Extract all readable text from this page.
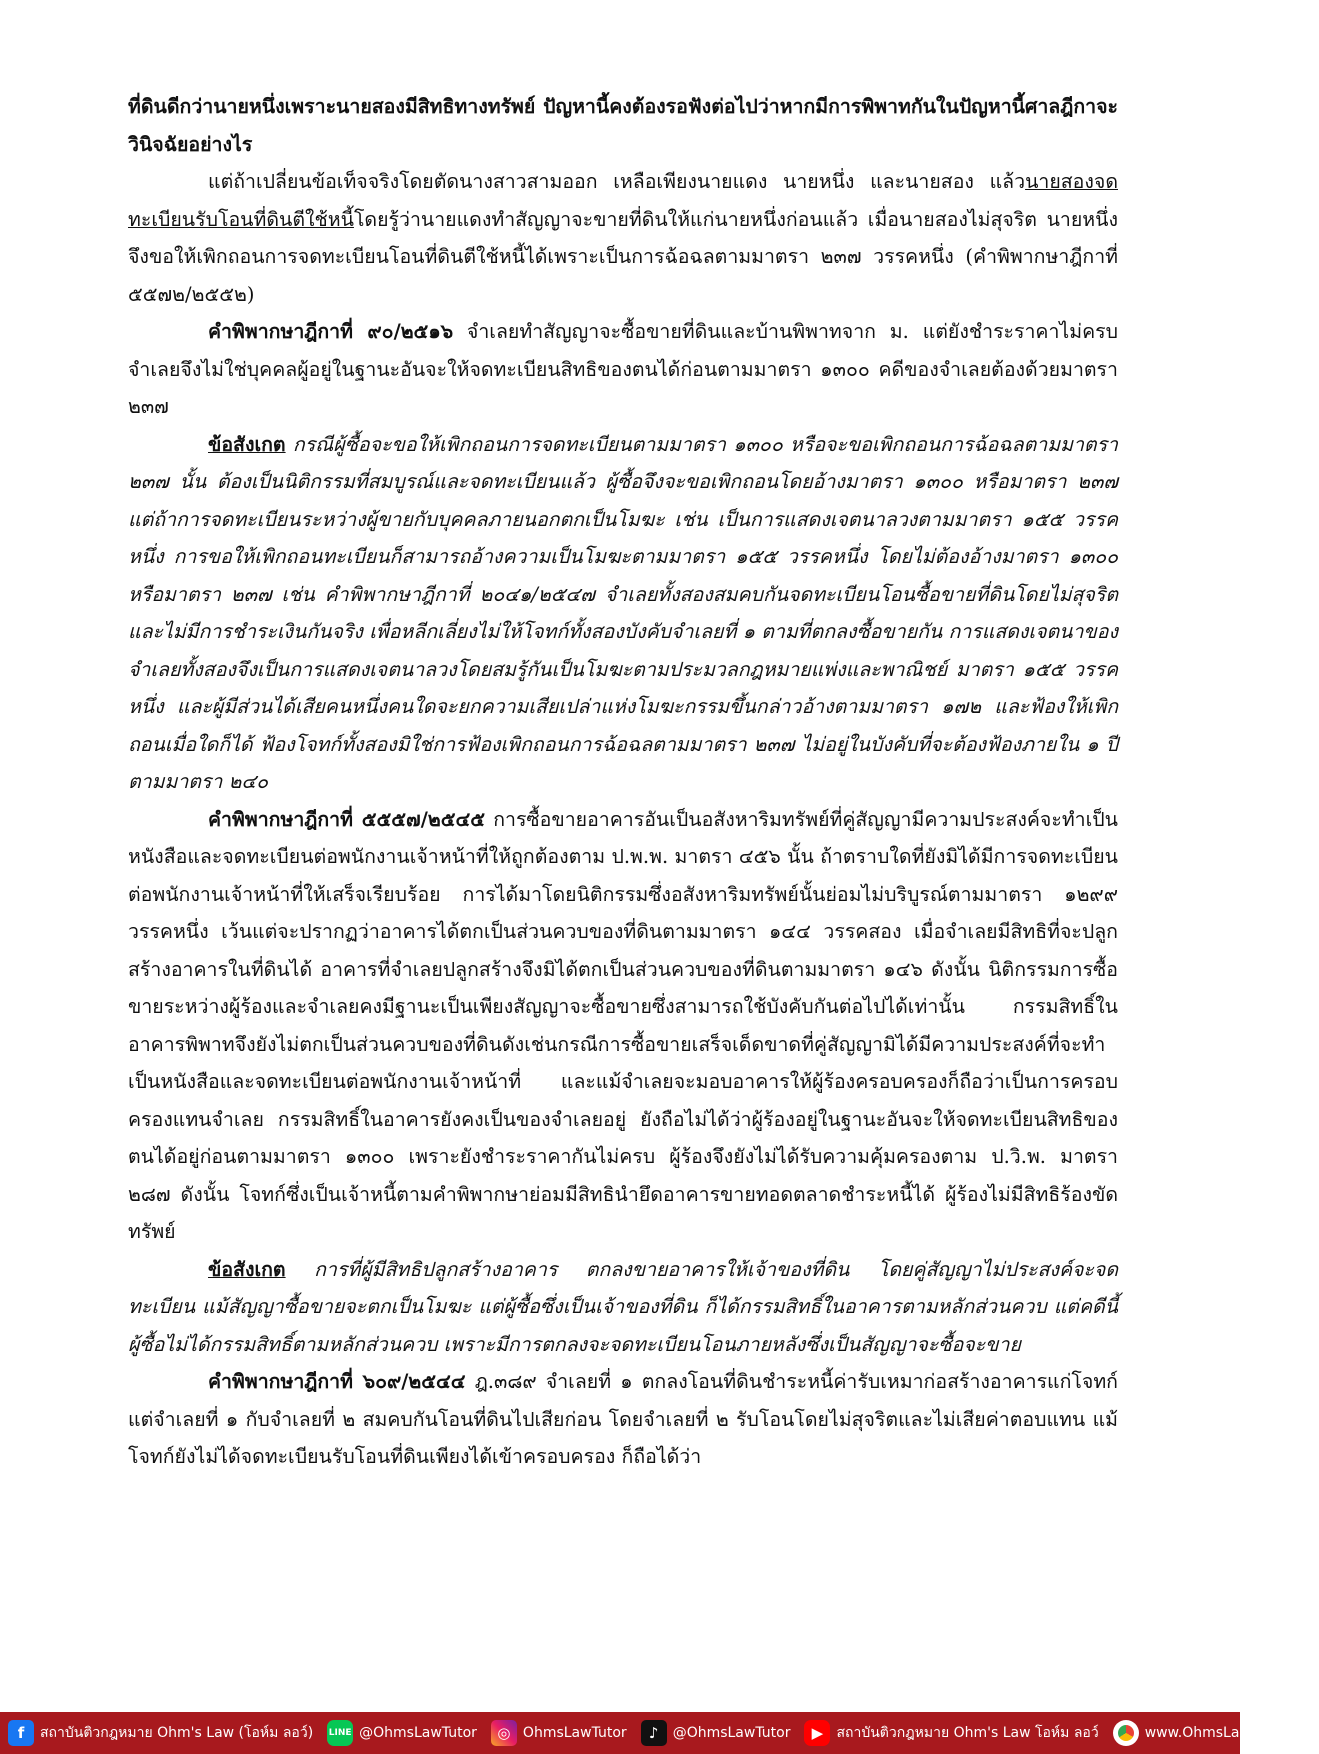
ที่ดินดีกว่านายหนึ่งเพราะนายสองมีสิทธิทางทรัพย์ ปัญหานี้คงต้องรอฟังต่อไปว่าหากมีการพิพาทกันในปัญหานี้ศาลฎีกาจะวินิจฉัยอย่างไร

แต่ถ้าเปลี่ยนข้อเท็จจริงโดยตัดนางสาวสามออก เหลือเพียงนายแดง นายหนึ่ง และนายสอง แล้วนายสองจดทะเบียนรับโอนที่ดินตีใช้หนี้โดยรู้ว่านายแดงทำสัญญาจะขายที่ดินให้แก่นายหนึ่งก่อนแล้ว เมื่อนายสองไม่สุจริต นายหนึ่งจึงขอให้เพิกถอนการจดทะเบียนโอนที่ดินตีใช้หนี้ได้เพราะเป็นการฉ้อฉลตามมาตรา ๒๓๗ วรรคหนึ่ง (คำพิพากษาฎีกาที่ ๕๕๗๒/๒๕๕๒)

คำพิพากษาฎีกาที่ ๙๐/๒๕๑๖ จำเลยทำสัญญาจะซื้อขายที่ดินและบ้านพิพาทจาก ม. แต่ยังชำระราคาไม่ครบ จำเลยจึงไม่ใช่บุคคลผู้อยู่ในฐานะอันจะให้จดทะเบียนสิทธิของตนได้ก่อนตามมาตรา ๑๓๐๐ คดีของจำเลยต้องด้วยมาตรา ๒๓๗

ข้อสังเกต กรณีผู้ซื้อจะขอให้เพิกถอนการจดทะเบียนตามมาตรา ๑๓๐๐ หรือจะขอเพิกถอนการฉ้อฉลตามมาตรา ๒๓๗ นั้น ต้องเป็นนิติกรรมที่สมบูรณ์และจดทะเบียนแล้ว ผู้ซื้อจึงจะขอเพิกถอนโดยอ้างมาตรา ๑๓๐๐ หรือมาตรา ๒๓๗ แต่ถ้าการจดทะเบียนระหว่างผู้ขายกับบุคคลภายนอกตกเป็นโมฆะ เช่น เป็นการแสดงเจตนาลวงตามมาตรา ๑๕๕ วรรคหนึ่ง การขอให้เพิกถอนทะเบียนก็สามารถอ้างความเป็นโมฆะตามมาตรา ๑๕๕ วรรคหนึ่ง โดยไม่ต้องอ้างมาตรา ๑๓๐๐ หรือมาตรา ๒๓๗ เช่น คำพิพากษาฎีกาที่ ๒๐๔๑/๒๕๔๗ จำเลยทั้งสองสมคบกันจดทะเบียนโอนซื้อขายที่ดินโดยไม่สุจริตและไม่มีการชำระเงินกันจริง เพื่อหลีกเลี่ยงไม่ให้โจทก์ทั้งสองบังคับจำเลยที่ ๑ ตามที่ตกลงซื้อขายกัน การแสดงเจตนาของจำเลยทั้งสองจึงเป็นการแสดงเจตนาลวงโดยสมรู้กันเป็นโมฆะตามประมวลกฎหมายแพ่งและพาณิชย์ มาตรา ๑๕๕ วรรคหนึ่ง และผู้มีส่วนได้เสียคนหนึ่งคนใดจะยกความเสียเปล่าแห่งโมฆะกรรมขึ้นกล่าวอ้างตามมาตรา ๑๗๒ และฟ้องให้เพิกถอนเมื่อใดก็ได้ ฟ้องโจทก์ทั้งสองมิใช่การฟ้องเพิกถอนการฉ้อฉลตามมาตรา ๒๓๗ ไม่อยู่ในบังคับที่จะต้องฟ้องภายใน ๑ ปี ตามมาตรา ๒๔๐

คำพิพากษาฎีกาที่ ๕๕๕๗/๒๕๔๕ การซื้อขายอาคารอันเป็นอสังหาริมทรัพย์ที่คู่สัญญามีความประสงค์จะทำเป็นหนังสือและจดทะเบียนต่อพนักงานเจ้าหน้าที่ให้ถูกต้องตาม ป.พ.พ. มาตรา ๔๕๖ นั้น ถ้าตราบใดที่ยังมิได้มีการจดทะเบียนต่อพนักงานเจ้าหน้าที่ให้เสร็จเรียบร้อย การได้มาโดยนิติกรรมซึ่งอสังหาริมทรัพย์นั้นย่อมไม่บริบูรณ์ตามมาตรา ๑๒๙๙ วรรคหนึ่ง เว้นแต่จะปรากฏว่าอาคารได้ตกเป็นส่วนควบของที่ดินตามมาตรา ๑๔๔ วรรคสอง เมื่อจำเลยมีสิทธิที่จะปลูกสร้างอาคารในที่ดินได้ อาคารที่จำเลยปลูกสร้างจึงมิได้ตกเป็นส่วนควบของที่ดินตามมาตรา ๑๔๖ ดังนั้น นิติกรรมการซื้อขายระหว่างผู้ร้องและจำเลยคงมีฐานะเป็นเพียงสัญญาจะซื้อขายซึ่งสามารถใช้บังคับกันต่อไปได้เท่านั้น กรรมสิทธิ์ในอาคารพิพาทจึงยังไม่ตกเป็นส่วนควบของที่ดินดังเช่นกรณีการซื้อขายเสร็จเด็ดขาดที่คู่สัญญามิได้มีความประสงค์ที่จะทำเป็นหนังสือและจดทะเบียนต่อพนักงานเจ้าหน้าที่ และแม้จำเลยจะมอบอาคารให้ผู้ร้องครอบครองก็ถือว่าเป็นการครอบครองแทนจำเลย กรรมสิทธิ์ในอาคารยังคงเป็นของจำเลยอยู่ ยังถือไม่ได้ว่าผู้ร้องอยู่ในฐานะอันจะให้จดทะเบียนสิทธิของตนได้อยู่ก่อนตามมาตรา ๑๓๐๐ เพราะยังชำระราคากันไม่ครบ ผู้ร้องจึงยังไม่ได้รับความคุ้มครองตาม ป.วิ.พ. มาตรา ๒๘๗ ดังนั้น โจทก์ซึ่งเป็นเจ้าหนี้ตามคำพิพากษาย่อมมีสิทธินำยึดอาคารขายทอดตลาดชำระหนี้ได้ ผู้ร้องไม่มีสิทธิร้องขัดทรัพย์

ข้อสังเกต การที่ผู้มีสิทธิปลูกสร้างอาคาร ตกลงขายอาคารให้เจ้าของที่ดิน โดยคู่สัญญาไม่ประสงค์จะจดทะเบียน แม้สัญญาซื้อขายจะตกเป็นโมฆะ แต่ผู้ซื้อซึ่งเป็นเจ้าของที่ดิน ก็ได้กรรมสิทธิ์ในอาคารตามหลักส่วนควบ แต่คดีนี้ผู้ซื้อไม่ได้กรรมสิทธิ์ตามหลักส่วนควบ เพราะมีการตกลงจะจดทะเบียนโอนภายหลังซึ่งเป็นสัญญาจะซื้อจะขาย

คำพิพากษาฎีกาที่ ๖๐๙/๒๕๔๔ ฎ.๓๘๙ จำเลยที่ ๑ ตกลงโอนที่ดินชำระหนี้ค่ารับเหมาก่อสร้างอาคารแก่โจทก์ แต่จำเลยที่ ๑ กับจำเลยที่ ๒ สมคบกันโอนที่ดินไปเสียก่อน โดยจำเลยที่ ๒ รับโอนโดยไม่สุจริตและไม่เสียค่าตอบแทน แม้โจทก์ยังไม่ได้จดทะเบียนรับโอนที่ดินเพียงได้เข้าครอบครอง ก็ถือได้ว่า

f	สถาบันติวกฎหมาย Ohm's Law (โอห์ม ลอว์) LINE @OhmsLawTutor	◎ OhmsLawTutor	♪	@OhmsLawTutor	▶ สถาบันติวกฎหมาย Ohm's Law โอห์ม ลอว์	www.OhmsLawTutor.com
